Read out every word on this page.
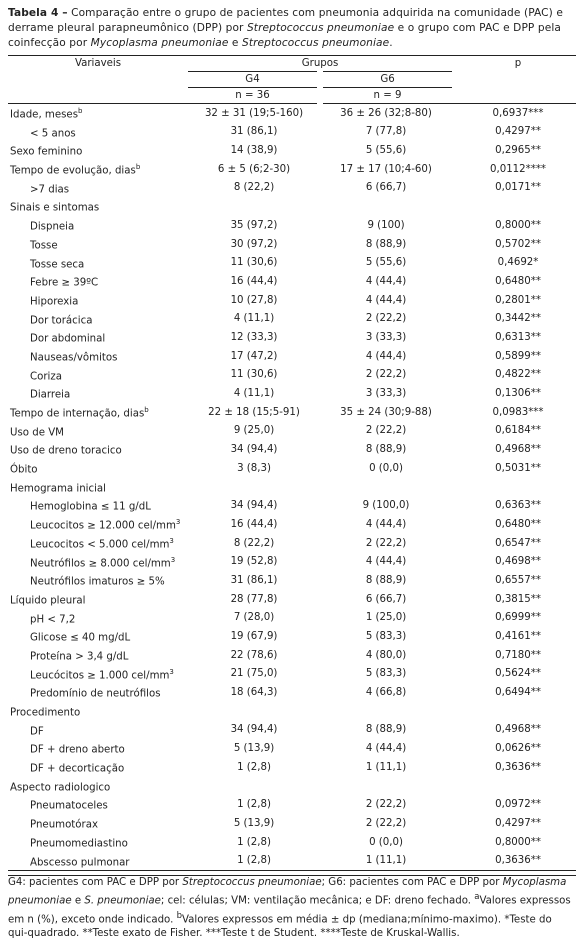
Tabela 4 – Comparação entre o grupo de pacientes com pneumonia adquirida na comunidade (PAC) e derrame pleural parapneumônico (DPP) por Streptococcus pneumoniae e o grupo com PAC e DPP pela coinfecção por Mycoplasma pneumoniae e Streptococcus pneumoniae.

Variaveis	Grupos		p
	G4	G6	
	n = 36	n = 9	
Idade, meses$^b$	32 ± 31 (19;5-160)	36 ± 26 (32;8-80)	0,6937***
< 5 anos	31 (86,1)	7 (77,8)	0,4297**
Sexo feminino	14 (38,9)	5 (55,6)	0,2965**
Tempo de evolução, dias$^b$	6 ± 5 (6;2-30)	17 ± 17 (10;4-60)	0,0112****
>7 dias	8 (22,2)	6 (66,7)	0,0171**
Sinais e sintomas			
Dispneia	35 (97,2)	9 (100)	0,8000**
Tosse	30 (97,2)	8 (88,9)	0,5702**
Tosse seca	11 (30,6)	5 (55,6)	0,4692*
Febre ≥ 39ºC	16 (44,4)	4 (44,4)	0,6480**
Hiporexia	10 (27,8)	4 (44,4)	0,2801**
Dor torácica	4 (11,1)	2 (22,2)	0,3442**
Dor abdominal	12 (33,3)	3 (33,3)	0,6313**
Nauseas/vômitos	17 (47,2)	4 (44,4)	0,5899**
Coriza	11 (30,6)	2 (22,2)	0,4822**
Diarreia	4 (11,1)	3 (33,3)	0,1306**
Tempo de internação, dias$^b$	22 ± 18 (15;5-91)	35 ± 24 (30;9-88)	0,0983***
Uso de VM	9 (25,0)	2 (22,2)	0,6184**
Uso de dreno toracico	34 (94,4)	8 (88,9)	0,4968**
Óbito	3 (8,3)	0 (0,0)	0,5031**
Hemograma inicial			
Hemoglobina ≤ 11 g/dL	34 (94,4)	9 (100,0)	0,6363**
Leucocitos ≥ 12.000 cel/$mm^3$	16 (44,4)	4 (44,4)	0,6480**
Leucocitos < 5.000 cel/$mm^3$	8 (22,2)	2 (22,2)	0,6547**
Neutrófilos ≥ 8.000 cel/$mm^3$	19 (52,8)	4 (44,4)	0,4698**
Neutrófilos imaturos ≥ 5%	31 (86,1)	8 (88,9)	0,6557**
Líquido pleural	28 (77,8)	6 (66,7)	0,3815**
pH < 7,2	7 (28,0)	1 (25,0)	0,6999**
Glicose ≤ 40 mg/dL	19 (67,9)	5 (83,3)	0,4161**
Proteína > 3,4 g/dL	22 (78,6)	4 (80,0)	0,7180**
Leucócitos ≥ 1.000 cel/$mm^3$	21 (75,0)	5 (83,3)	0,5624**
Predomínio de neutrófilos	18 (64,3)	4 (66,8)	0,6494**
Procedimento			
DF	34 (94,4)	8 (88,9)	0,4968**
DF + dreno aberto	5 (13,9)	4 (44,4)	0,0626**
DF + decorticação	1 (2,8)	1 (11,1)	0,3636**
Aspecto radiologico			
Pneumatoceles	1 (2,8)	2 (22,2)	0,0972**
Pneumotórax	5 (13,9)	2 (22,2)	0,4297**
Pneumomediastino	1 (2,8)	0 (0,0)	0,8000**
Abscesso pulmonar	1 (2,8)	1 (11,1)	0,3636**
G4: pacientes com PAC e DPP por Streptococcus pneumoniae; G6: pacientes com PAC e DPP por Mycoplasma pneumoniae e S. pneumoniae; cel: células; VM: ventilação mecânica; e DF: dreno fechado. $^a$Valores expressos em n (%), exceto onde indicado. $^b$Valores expressos em média ± dp (mediana;mínimo-maximo). *Teste do qui-quadrado. **Teste exato de Fisher. ***Teste t de Student. ****Teste de Kruskal-Wallis.
